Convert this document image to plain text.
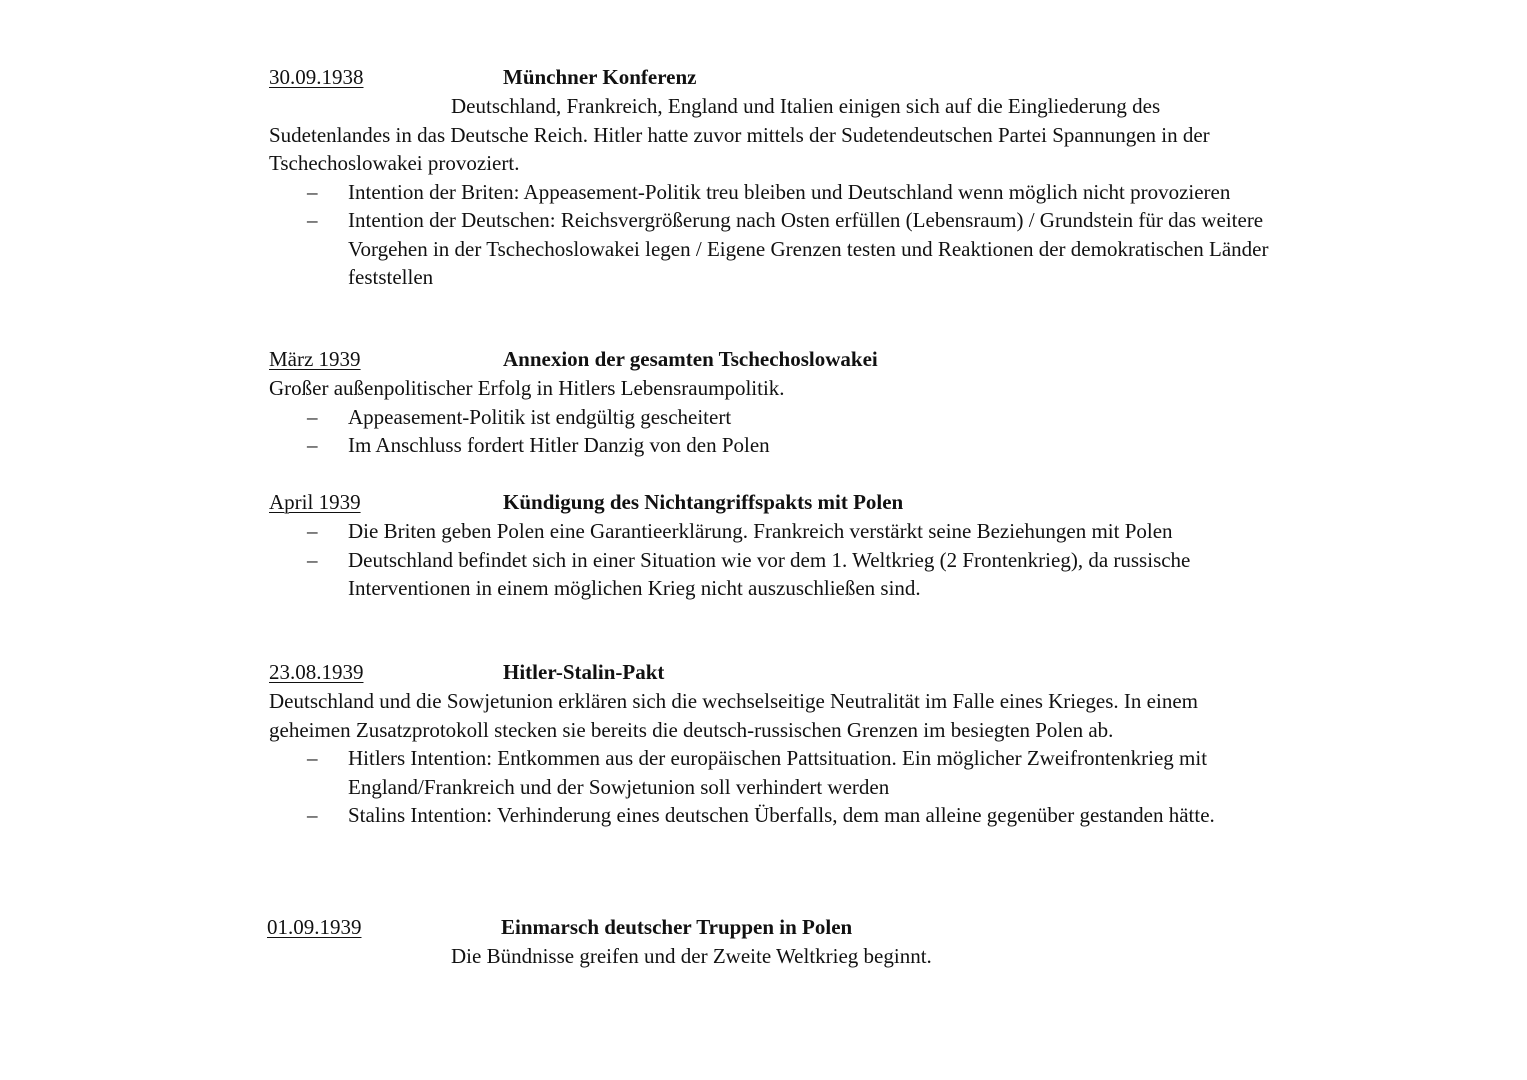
30.09.1938	Münchner Konferenz

Deutschland, Frankreich, England und Italien einigen sich auf die Eingliederung des Sudetenlandes in das Deutsche Reich. Hitler hatte zuvor mittels der Sudetendeutschen Partei Spannungen in der Tschechoslowakei provoziert.

– Intention der Briten: Appeasement-Politik treu bleiben und Deutschland wenn möglich nicht provozieren
– Intention der Deutschen: Reichsvergrößerung nach Osten erfüllen (Lebensraum) / Grundstein für das weitere Vorgehen in der Tschechoslowakei legen / Eigene Grenzen testen und Reaktionen der demokratischen Länder feststellen
März 1939	Annexion der gesamten Tschechoslowakei

Großer außenpolitischer Erfolg in Hitlers Lebensraumpolitik.

– Appeasement-Politik ist endgültig gescheitert
– Im Anschluss fordert Hitler Danzig von den Polen
April 1939	Kündigung des Nichtangriffspakts mit Polen
– Die Briten geben Polen eine Garantieerklärung. Frankreich verstärkt seine Beziehungen mit Polen
– Deutschland befindet sich in einer Situation wie vor dem 1. Weltkrieg (2 Frontenkrieg), da russische Interventionen in einem möglichen Krieg nicht auszuschließen sind.
23.08.1939	Hitler-Stalin-Pakt

Deutschland und die Sowjetunion erklären sich die wechselseitige Neutralität im Falle eines Krieges. In einem geheimen Zusatzprotokoll stecken sie bereits die deutsch-russischen Grenzen im besiegten Polen ab.

– Hitlers Intention: Entkommen aus der europäischen Pattsituation. Ein möglicher Zweifrontenkrieg mit England/Frankreich und der Sowjetunion soll verhindert werden
– Stalins Intention: Verhinderung eines deutschen Überfalls, dem man alleine gegenüber gestanden hätte.
01.09.1939	Einmarsch deutscher Truppen in Polen

Die Bündnisse greifen und der Zweite Weltkrieg beginnt.
